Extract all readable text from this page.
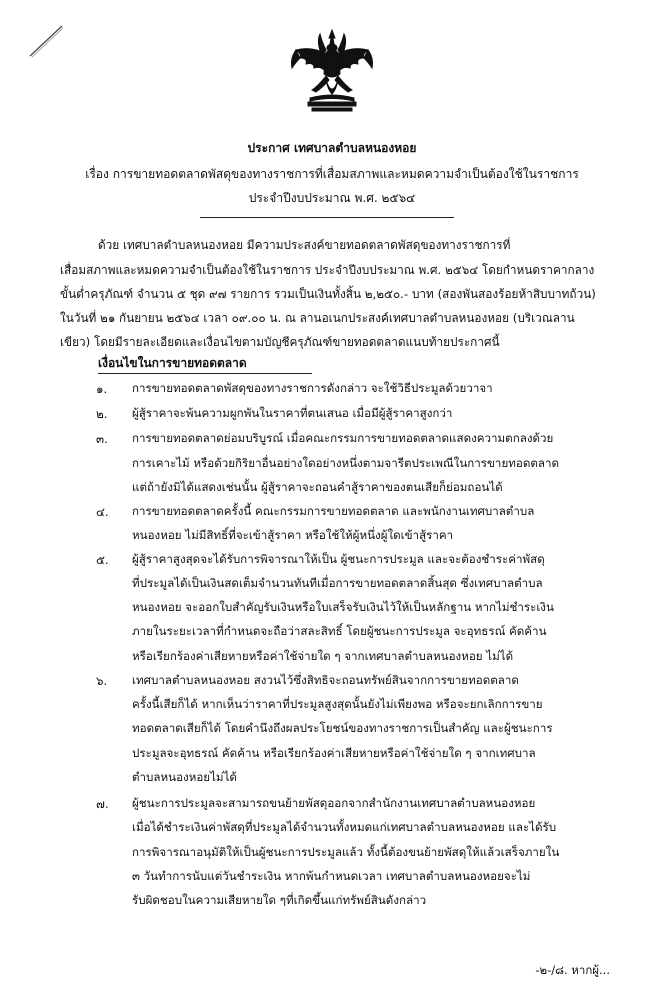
ประกาศ เทศบาลตำบลหนองหอย
เรื่อง การขายทอดตลาดพัสดุของทางราชการที่เสื่อมสภาพและหมดความจำเป็นต้องใช้ในราชการ
ประจำปีงบประมาณ พ.ศ. ๒๕๖๔
ด้วย เทศบาลตำบลหนองหอย มีความประสงค์ขายทอดตลาดพัสดุของทางราชการที่
เสื่อมสภาพและหมดความจำเป็นต้องใช้ในราชการ ประจำปีงบประมาณ พ.ศ. ๒๕๖๔ โดยกำหนดราคากลาง
ขั้นต่ำครุภัณฑ์ จำนวน ๕ ชุด ๙๗ รายการ รวมเป็นเงินทั้งสิ้น ๒,๒๕๐.- บาท (สองพันสองร้อยห้าสิบบาทถ้วน)
ในวันที่ ๒๑ กันยายน ๒๕๖๔ เวลา ๐๙.๐๐ น. ณ ลานอเนกประสงค์เทศบาลตำบลหนองหอย (บริเวณลาน
เขียว) โดยมีรายละเอียดและเงื่อนไขตามบัญชีครุภัณฑ์ขายทอดตลาดแนบท้ายประกาศนี้
เงื่อนไขในการขายทอดตลาด
๑.	การขายทอดตลาดพัสดุของทางราชการดังกล่าว จะใช้วิธีประมูลด้วยวาจา
๒.	ผู้สู้ราคาจะพ้นความผูกพันในราคาที่ตนเสนอ เมื่อมีผู้สู้ราคาสูงกว่า
๓.	การขายทอดตลาดย่อมบริบูรณ์ เมื่อคณะกรรมการขายทอดตลาดแสดงความตกลงด้วย
การเคาะไม้ หรือด้วยกิริยาอื่นอย่างใดอย่างหนึ่งตามจารีตประเพณีในการขายทอดตลาด
แต่ถ้ายังมิได้แสดงเช่นนั้น ผู้สู้ราคาจะถอนคำสู้ราคาของตนเสียก็ย่อมถอนได้
๔.	การขายทอดตลาดครั้งนี้ คณะกรรมการขายทอดตลาด และพนักงานเทศบาลตำบล
หนองหอย ไม่มีสิทธิ์ที่จะเข้าสู้ราคา หรือใช้ให้ผู้หนึ่งผู้ใดเข้าสู้ราคา
๕.	ผู้สู้ราคาสูงสุดจะได้รับการพิจารณาให้เป็น ผู้ชนะการประมูล และจะต้องชำระค่าพัสดุ
ที่ประมูลได้เป็นเงินสดเต็มจำนวนทันทีเมื่อการขายทอดตลาดสิ้นสุด ซึ่งเทศบาลตำบล
หนองหอย จะออกใบสำคัญรับเงินหรือใบเสร็จรับเงินไว้ให้เป็นหลักฐาน หากไม่ชำระเงิน
ภายในระยะเวลาที่กำหนดจะถือว่าสละสิทธิ์ โดยผู้ชนะการประมูล จะอุทธรณ์ คัดค้าน
หรือเรียกร้องค่าเสียหายหรือค่าใช้จ่ายใด ๆ จากเทศบาลตำบลหนองหอย ไม่ได้
๖.	เทศบาลตำบลหนองหอย สงวนไว้ซึ่งสิทธิจะถอนทรัพย์สินจากการขายทอดตลาด
ครั้งนี้เสียก็ได้ หากเห็นว่าราคาที่ประมูลสูงสุดนั้นยังไม่เพียงพอ หรือจะยกเลิกการขาย
ทอดตลาดเสียก็ได้ โดยคำนึงถึงผลประโยชน์ของทางราชการเป็นสำคัญ และผู้ชนะการ
ประมูลจะอุทธรณ์ คัดค้าน หรือเรียกร้องค่าเสียหายหรือค่าใช้จ่ายใด ๆ จากเทศบาล
ตำบลหนองหอยไม่ได้
๗.	ผู้ชนะการประมูลจะสามารถขนย้ายพัสดุออกจากสำนักงานเทศบาลตำบลหนองหอย
เมื่อได้ชำระเงินค่าพัสดุที่ประมูลได้จำนวนทั้งหมดแก่เทศบาลตำบลหนองหอย และได้รับ
การพิจารณาอนุมัติให้เป็นผู้ชนะการประมูลแล้ว ทั้งนี้ต้องขนย้ายพัสดุให้แล้วเสร็จภายใน
๓ วันทำการนับแต่วันชำระเงิน หากพ้นกำหนดเวลา เทศบาลตำบลหนองหอยจะไม่
รับผิดชอบในความเสียหายใด ๆที่เกิดขึ้นแก่ทรัพย์สินดังกล่าว
-๒-/๘. หากผู้...
